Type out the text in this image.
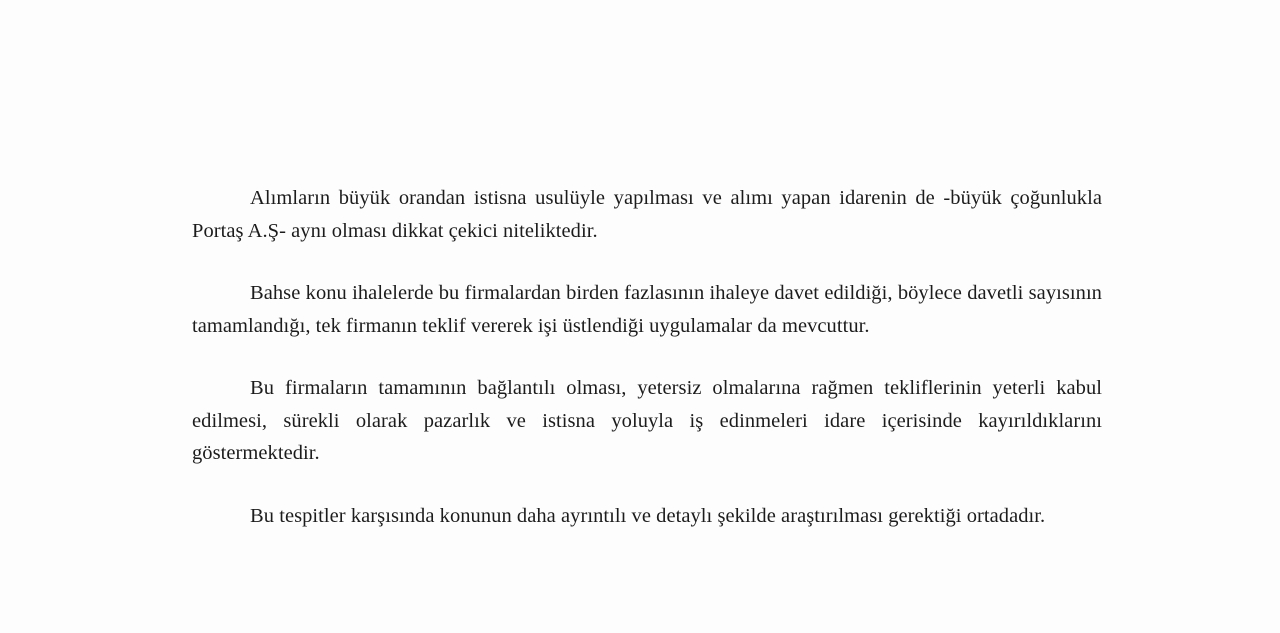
Alımların büyük orandan istisna usulüyle yapılması ve alımı yapan idarenin de -büyük çoğunlukla Portaş A.Ş- aynı olması dikkat çekici niteliktedir.

Bahse konu ihalelerde bu firmalardan birden fazlasının ihaleye davet edildiği, böylece davetli sayısının tamamlandığı, tek firmanın teklif vererek işi üstlendiği uygulamalar da mevcuttur.

Bu firmaların tamamının bağlantılı olması, yetersiz olmalarına rağmen tekliflerinin yeterli kabul edilmesi, sürekli olarak pazarlık ve istisna yoluyla iş edinmeleri idare içerisinde kayırıldıklarını göstermektedir.

Bu tespitler karşısında konunun daha ayrıntılı ve detaylı şekilde araştırılması gerektiği ortadadır.
